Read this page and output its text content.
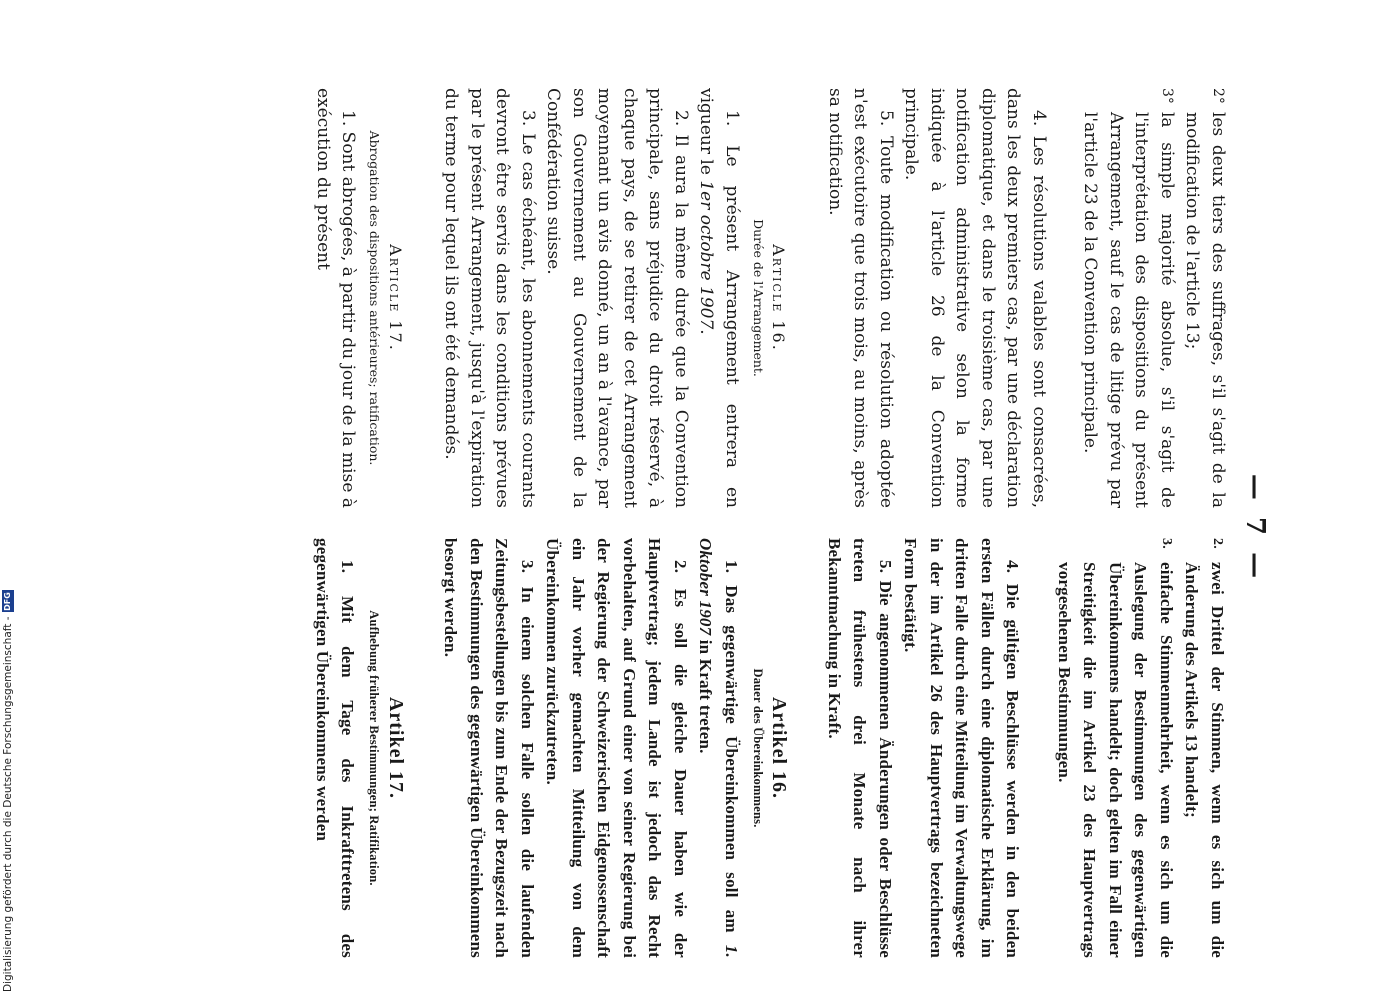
— 7 —
2°
les deux tiers des suffrages, s'il s'agit de la modification de l'article 13;
3°
la simple majorité absolue, s'il s'agit de l'interprétation des dispositions du présent Arrangement, sauf le cas de litige prévu par l'article 23 de la Convention principale.

4. Les résolutions valables sont consacrées, dans les deux premiers cas, par une déclaration diplomatique, et dans le troisième cas, par une notification administrative selon la forme indiquée à l'article 26 de la Convention principale.

5. Toute modification ou résolution adoptée n'est exécutoire que trois mois, au moins, après sa notification.

Article 16.
Durée de l'Arrangement.

1. Le présent Arrangement entrera en vigueur le 1er octobre 1907.

2. Il aura la même durée que la Convention principale, sans préjudice du droit réservé, à chaque pays, de se retirer de cet Arrangement moyennant un avis donné, un an à l'avance, par son Gouvernement au Gouvernement de la Confédération suisse.

3. Le cas échéant, les abonnements courants devront être servis dans les conditions prévues par le présent Arrangement, jusqu'à l'expiration du terme pour lequel ils ont été demandés.

Article 17.
Abrogation des dispositions antérieures; ratification.

1. Sont abrogées, à partir du jour de la mise à exécution du présent

2.
zwei Drittel der Stimmen, wenn es sich um die Änderung des Artikels 13 handelt;
3.
einfache Stimmenmehrheit, wenn es sich um die Auslegung der Bestimmungen des gegenwärtigen Übereinkommens handelt; doch gelten im Fall einer Streitigkeit die im Artikel 23 des Hauptvertrags vorgesehenen Bestimmungen.

4. Die gültigen Beschlüsse werden in den beiden ersten Fällen durch eine diplomatische Erklärung, im dritten Falle durch eine Mitteilung im Verwaltungswege in der im Artikel 26 des Hauptvertrags bezeichneten Form bestätigt.

5. Die angenommenen Änderungen oder Beschlüsse treten frühestens drei Monate nach ihrer Bekanntmachung in Kraft.

Artikel 16.
Dauer des Übereinkommens.

1. Das gegenwärtige Übereinkommen soll am 1. Oktober 1907 in Kraft treten.

2. Es soll die gleiche Dauer haben wie der Hauptvertrag; jedem Lande ist jedoch das Recht vorbehalten, auf Grund einer von seiner Regierung bei der Regierung der Schweizerischen Eidgenossenschaft ein Jahr vorher gemachten Mitteilung von dem Übereinkommen zurückzutreten.

3. In einem solchen Falle sollen die laufenden Zeitungsbestellungen bis zum Ende der Bezugszeit nach den Bestimmungen des gegenwärtigen Übereinkommens besorgt werden.

Artikel 17.
Aufhebung früherer Bestimmungen; Ratifikation.

1. Mit dem Tage des Inkrafttretens des gegenwärtigen Übereinkommens werden

Digitalisierung gefördert durch die Deutsche Forschungsgemeinschaft -
DFG
